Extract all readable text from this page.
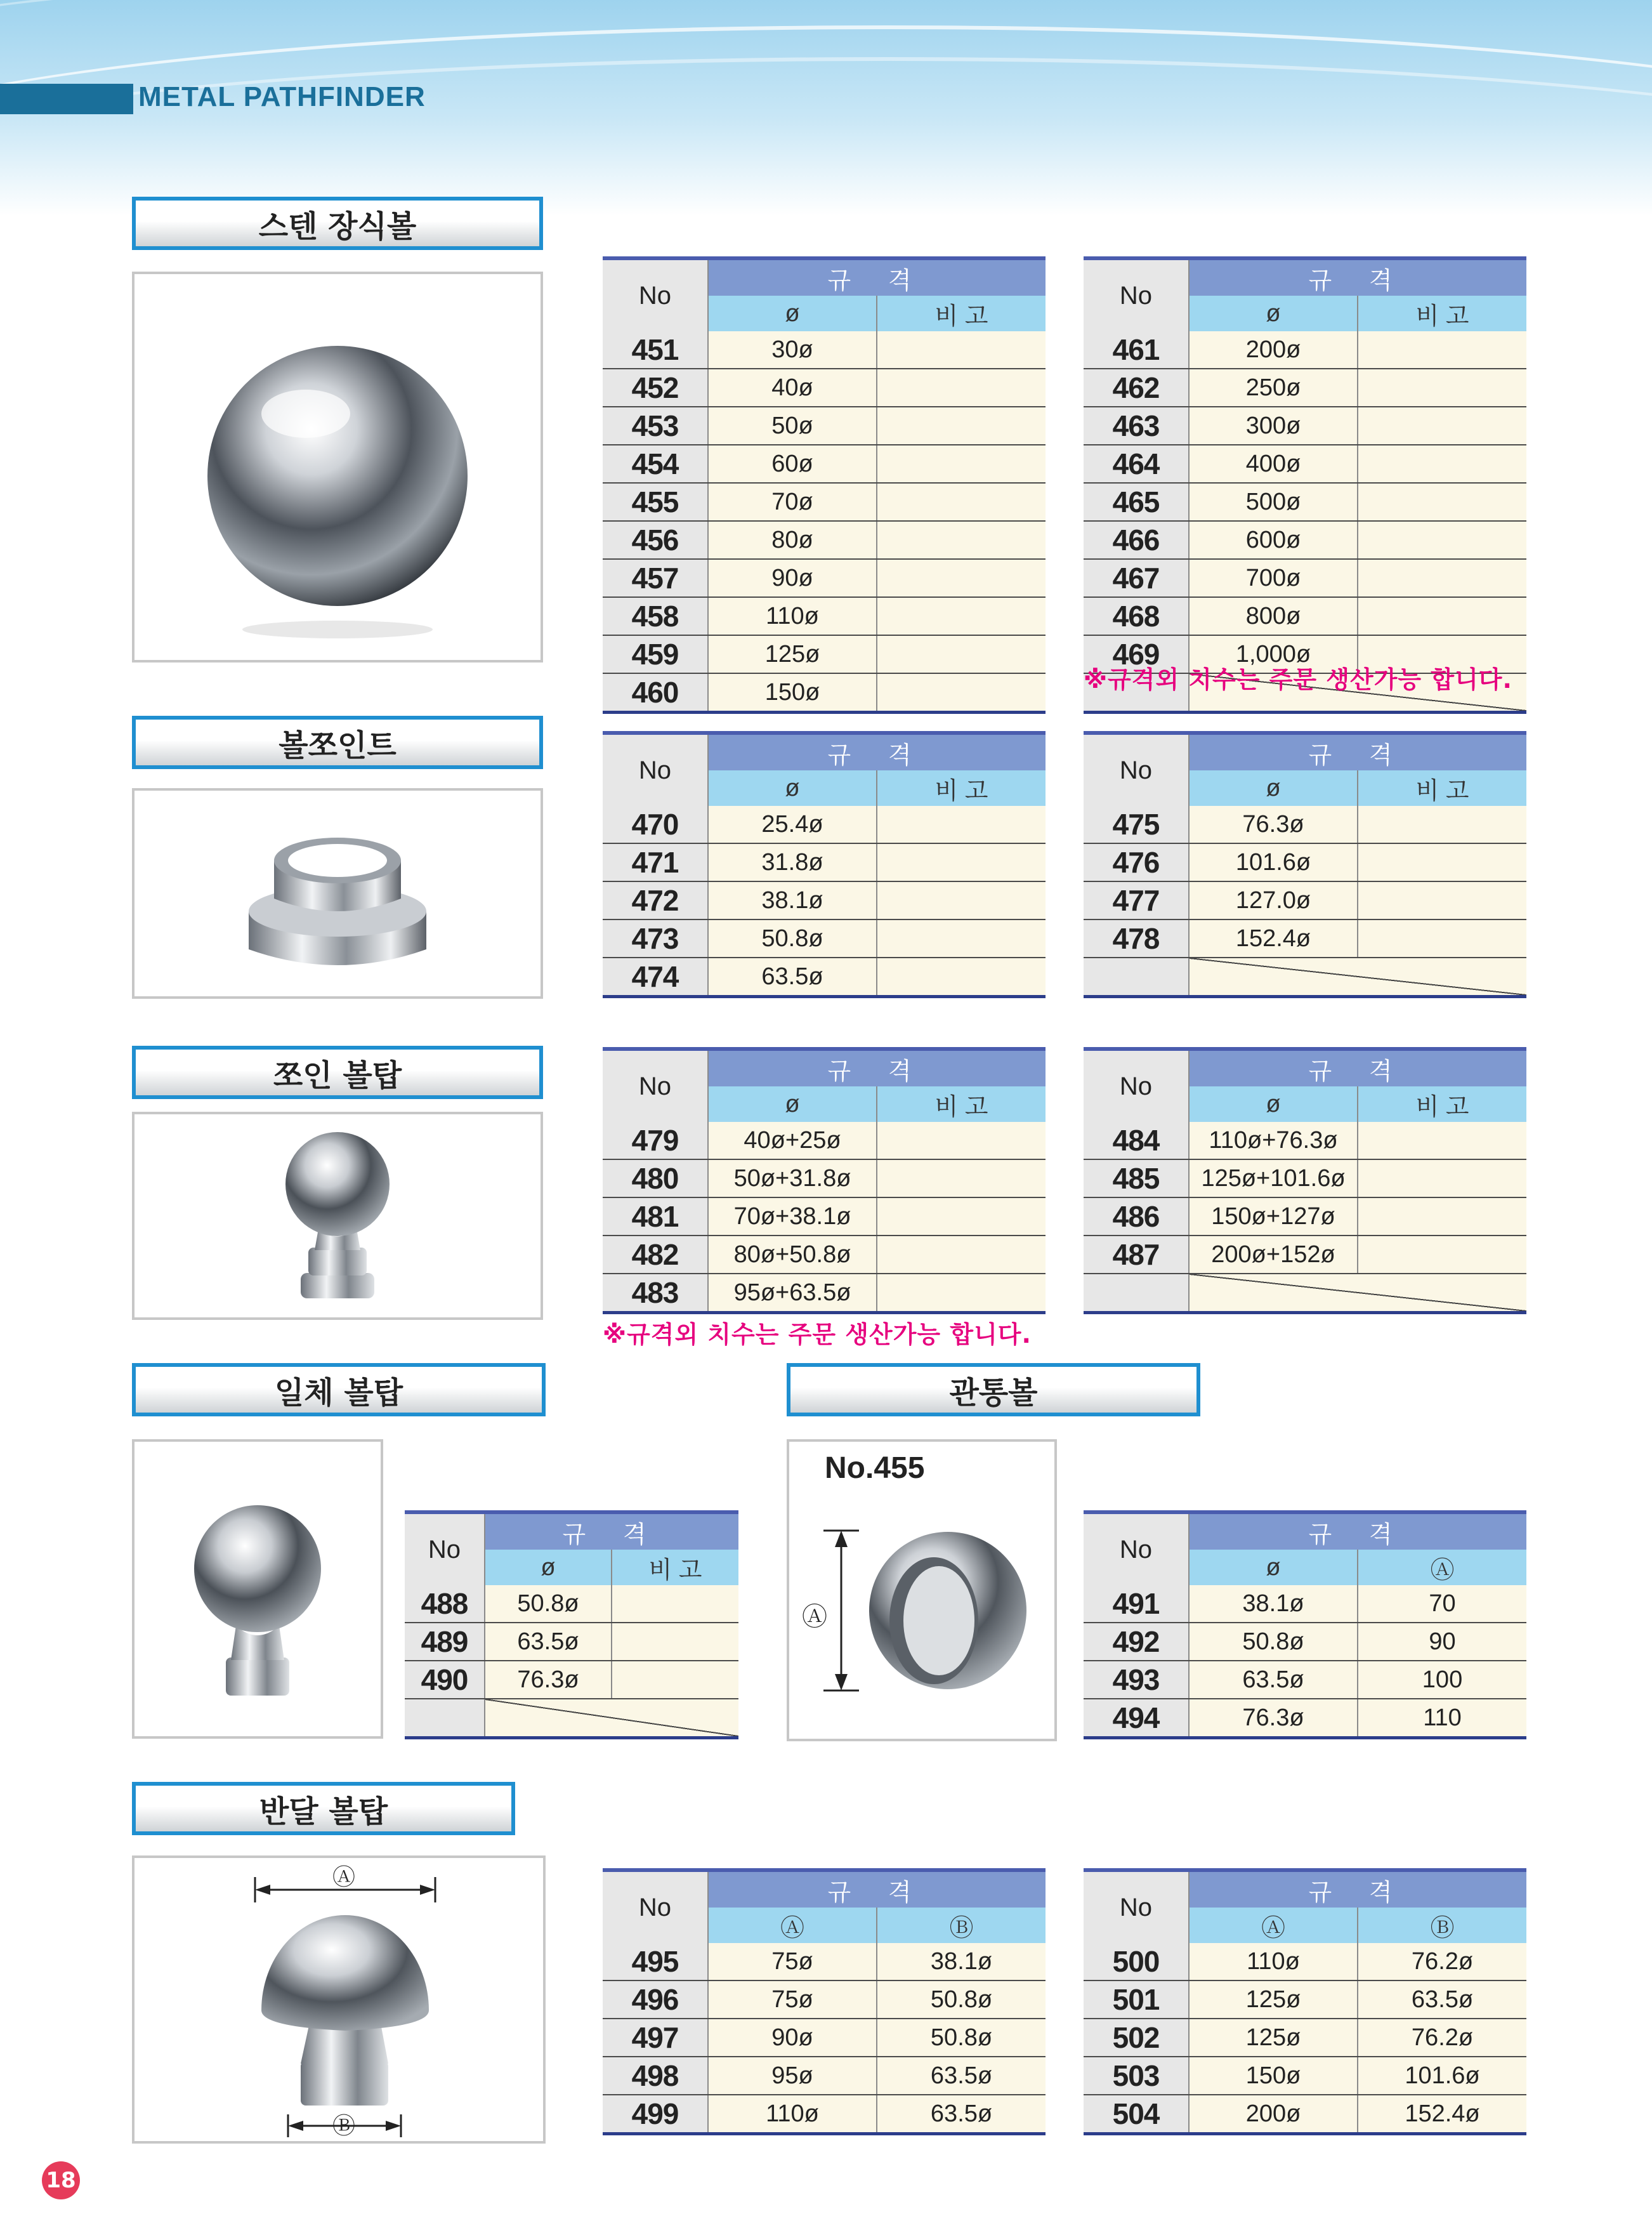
METAL PATHFINDER
스텐 장식볼
No	규 격	
	ø	비 고
451	30ø	
452	40ø	
453	50ø	
454	60ø	
455	70ø	
456	80ø	
457	90ø	
458	110ø	
459	125ø	
460	150ø	
No	규 격	
	ø	비 고
461	200ø	
462	250ø	
463	300ø	
464	400ø	
465	500ø	
466	600ø	
467	700ø	
468	800ø	
469	1,000ø	

※규격외 치수는 주문 생산가능 합니다.
볼쪼인트
No	규 격	
	ø	비 고
470	25.4ø	
471	31.8ø	
472	38.1ø	
473	50.8ø	
474	63.5ø	
No	규 격	
	ø	비 고
475	76.3ø	
476	101.6ø	
477	127.0ø	
478	152.4ø	

쪼인 볼탑	No	규 격	
	ø	비 고
479	40ø+25ø	
480	50ø+31.8ø	
481	70ø+38.1ø	
482	80ø+50.8ø	
483	95ø+63.5ø	
※규격외 치수는 주문 생산가능 합니다.
No	규 격	
	ø	비 고
484	110ø+76.3ø	
485	125ø+101.6ø	
486	150ø+127ø	
487	200ø+152ø	

일체 볼탑
No	규 격	
	ø	비 고
488	50.8ø	
489	63.5ø	
490	76.3ø	

관통볼
No.455
Ⓐ
No	규 격	
	ø	Ⓐ
491	38.1ø	70
492	50.8ø	90
493	63.5ø	100
494	76.3ø	110
반달 볼탑
Ⓐ
Ⓑ
No	규 격	
	Ⓐ	Ⓑ
495	75ø	38.1ø
496	75ø	50.8ø
497	90ø	50.8ø
498	95ø	63.5ø
499	110ø	63.5ø
No	규 격	
	Ⓐ	Ⓑ
500	110ø	76.2ø
501	125ø	63.5ø
502	125ø	76.2ø
503	150ø	101.6ø
504	200ø	152.4ø
18
